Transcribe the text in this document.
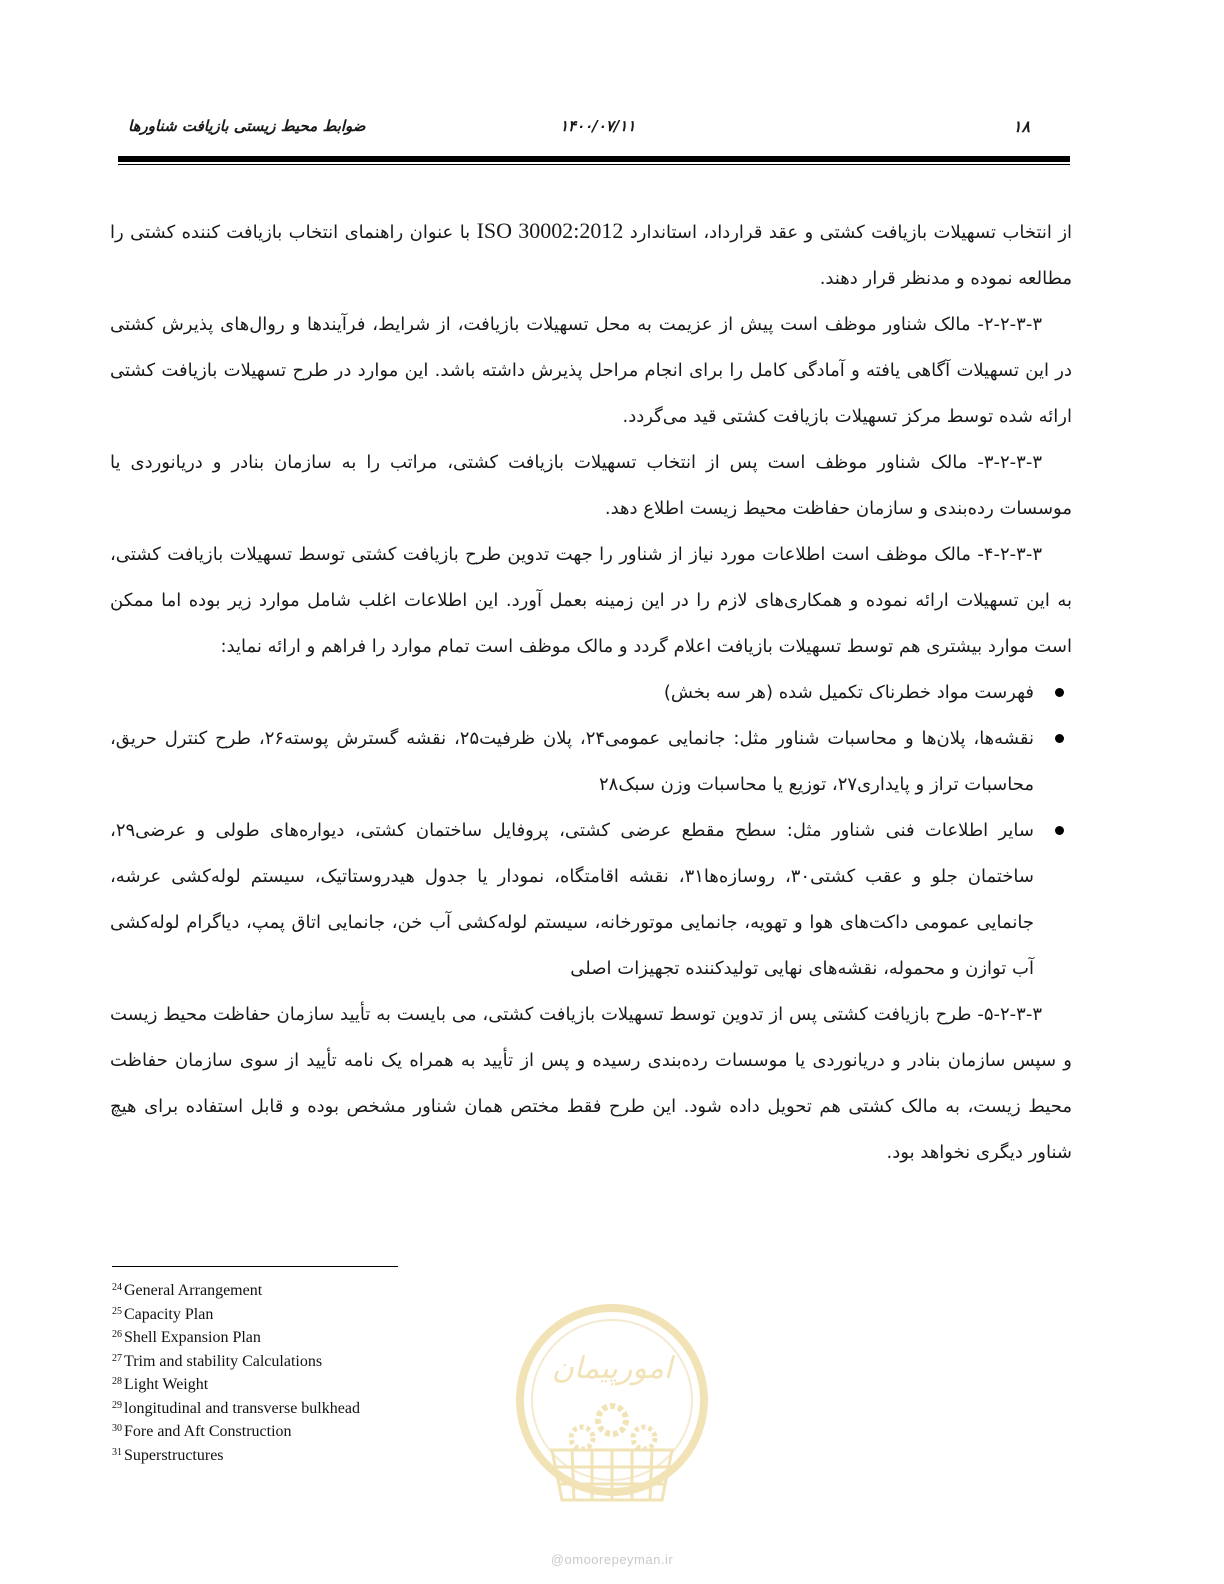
۱۸
۱۴۰۰/۰۷/۱۱
ضوابط محیط زیستی بازیافت شناورها

از انتخاب تسهیلات بازیافت کشتی و عقد قرارداد، استاندارد ISO 30002:2012 با عنوان راهنمای انتخاب بازیافت کننده کشتی را مطالعه نموده و مدنظر قرار دهند.

۲-۲-۳-۳- مالک شناور موظف است پیش از عزیمت به محل تسهیلات بازیافت، از شرایط، فرآیندها و روال‌های پذیرش کشتی در این تسهیلات آگاهی یافته و آمادگی کامل را برای انجام مراحل پذیرش داشته باشد. این موارد در طرح تسهیلات بازیافت کشتی ارائه شده توسط مرکز تسهیلات بازیافت کشتی قید می‌گردد.

۳-۲-۳-۳- مالک شناور موظف است پس از انتخاب تسهیلات بازیافت کشتی، مراتب را به سازمان بنادر و دریانوردی یا موسسات رده‌بندی و سازمان حفاظت محیط زیست اطلاع دهد.

۴-۲-۳-۳- مالک موظف است اطلاعات مورد نیاز از شناور را جهت تدوین طرح بازیافت کشتی توسط تسهیلات بازیافت کشتی، به این تسهیلات ارائه نموده و همکاری‌های لازم را در این زمینه بعمل آورد. این اطلاعات اغلب شامل موارد زیر بوده اما ممکن است موارد بیشتری هم توسط تسهیلات بازیافت اعلام گردد و مالک موظف است تمام موارد را فراهم و ارائه نماید:

فهرست مواد خطرناک تکمیل شده (هر سه بخش)
نقشه‌ها، پلان‌ها و محاسبات شناور مثل: جانمایی عمومی۲۴، پلان ظرفیت۲۵، نقشه گسترش پوسته۲۶، طرح کنترل حریق، محاسبات تراز و پایداری۲۷، توزیع یا محاسبات وزن سبک۲۸
سایر اطلاعات فنی شناور مثل: سطح مقطع عرضی کشتی، پروفایل ساختمان کشتی، دیواره‌های طولی و عرضی۲۹، ساختمان جلو و عقب کشتی۳۰، روسازه‌ها۳۱، نقشه اقامتگاه، نمودار یا جدول هیدروستاتیک، سیستم لوله‌کشی عرشه، جانمایی عمومی داکت‌های هوا و تهویه، جانمایی موتورخانه، سیستم لوله‌کشی آب خن، جانمایی اتاق پمپ، دیاگرام لوله‌کشی آب توازن و محموله، نقشه‌های نهایی تولیدکننده تجهیزات اصلی

۵-۲-۳-۳- طرح بازیافت کشتی پس از تدوین توسط تسهیلات بازیافت کشتی، می بایست به تأیید سازمان حفاظت محیط زیست و سپس سازمان بنادر و دریانوردی یا موسسات رده‌بندی رسیده و پس از تأیید به همراه یک نامه تأیید از سوی سازمان حفاظت محیط زیست، به مالک کشتی هم تحویل داده شود. این طرح فقط مختص همان شناور مشخص بوده و قابل استفاده برای هیچ شناور دیگری نخواهد بود.

$^{24}$ General Arrangement
$^{25}$ Capacity Plan
$^{26}$ Shell Expansion Plan
$^{27}$ Trim and stability Calculations
$^{28}$ Light Weight
$^{29}$ longitudinal and transverse bulkhead
$^{30}$ Fore and Aft Construction
$^{31}$ Superstructures
امورپیمان
@omoorepeyman.ir
